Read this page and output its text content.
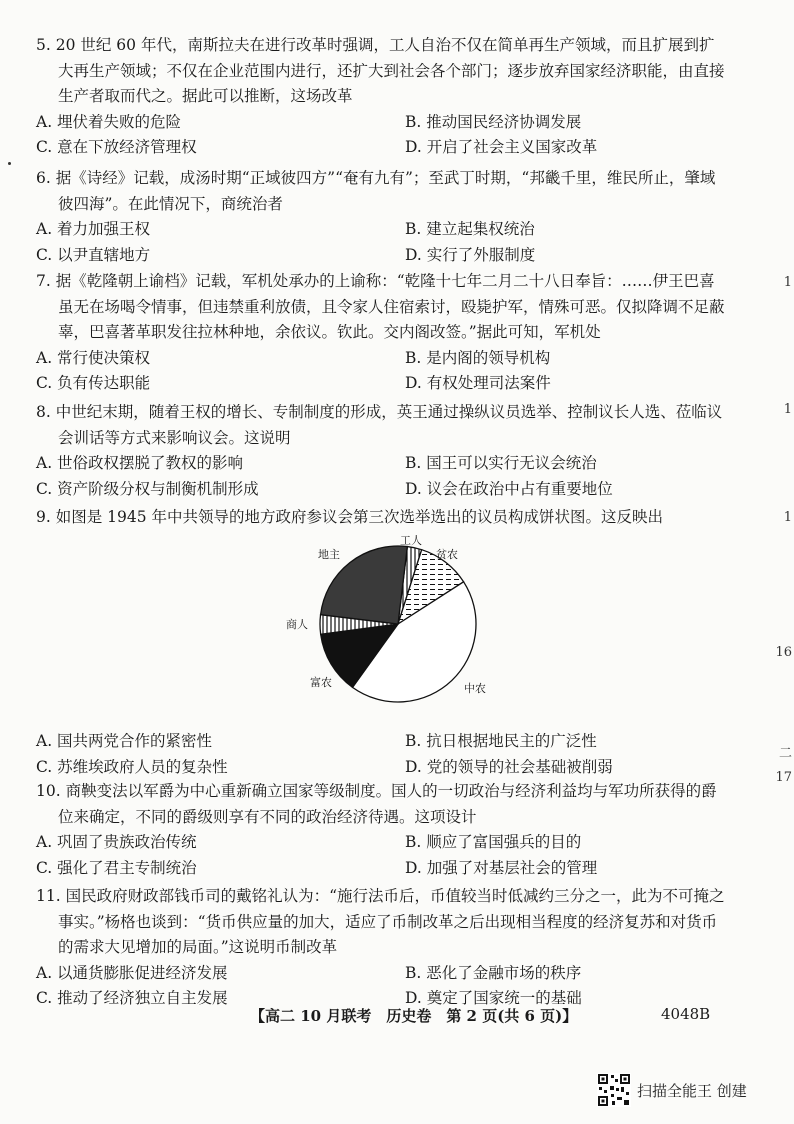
5. 20 世纪 60 年代，南斯拉夫在进行改革时强调，工人自治不仅在简单再生产领域，而且扩展到扩大再生产领域；不仅在企业范围内进行，还扩大到社会各个部门；逐步放弃国家经济职能，由直接生产者取而代之。据此可以推断，这场改革

A. 埋伏着失败的危险	B. 推动国民经济协调发展
C. 意在下放经济管理权	D. 开启了社会主义国家改革

6. 据《诗经》记载，成汤时期“正域彼四方”“奄有九有”；至武丁时期，“邦畿千里，维民所止，肇域彼四海”。在此情况下，商统治者

A. 着力加强王权	B. 建立起集权统治
C. 以尹直辖地方	D. 实行了外服制度

7. 据《乾隆朝上谕档》记载，军机处承办的上谕称：“乾隆十七年二月二十八日奉旨：……伊王巴喜虽无在场喝令情事，但违禁重利放债，且令家人住宿索讨，殴毙护军，情殊可恶。仅拟降调不足蔽辜，巴喜著革职发往拉林种地，余依议。钦此。交内阁改签。”据此可知，军机处

A. 常行使决策权	B. 是内阁的领导机构
C. 负有传达职能	D. 有权处理司法案件

8. 中世纪末期，随着王权的增长、专制制度的形成，英王通过操纵议员选举、控制议长人选、莅临议会训话等方式来影响议会。这说明

A. 世俗政权摆脱了教权的影响	B. 国王可以实行无议会统治
C. 资产阶级分权与制衡机制形成	D. 议会在政治中占有重要地位

9. 如图是 1945 年中共领导的地方政府参议会第三次选举选出的议员构成饼状图。这反映出

工人
贫农
中农
富农
商人
地主
A. 国共两党合作的紧密性	B. 抗日根据地民主的广泛性
C. 苏维埃政府人员的复杂性	D. 党的领导的社会基础被削弱

10. 商鞅变法以军爵为中心重新确立国家等级制度。国人的一切政治与经济利益均与军功所获得的爵位来确定，不同的爵级则享有不同的政治经济待遇。这项设计

A. 巩固了贵族政治传统	B. 顺应了富国强兵的目的
C. 强化了君主专制统治	D. 加强了对基层社会的管理

11. 国民政府财政部钱币司的戴铭礼认为：“施行法币后，币值较当时低减约三分之一，此为不可掩之事实。”杨格也谈到：“货币供应量的加大，适应了币制改革之后出现相当程度的经济复苏和对货币的需求大见增加的局面。”这说明币制改革

A. 以通货膨胀促进经济发展	B. 恶化了金融市场的秩序
C. 推动了经济独立自主发展	D. 奠定了国家统一的基础
1
1
1
16
二
17
【高二 10 月联考　历史卷　第 2 页(共 6 页)】	4048B
扫描全能王 创建
